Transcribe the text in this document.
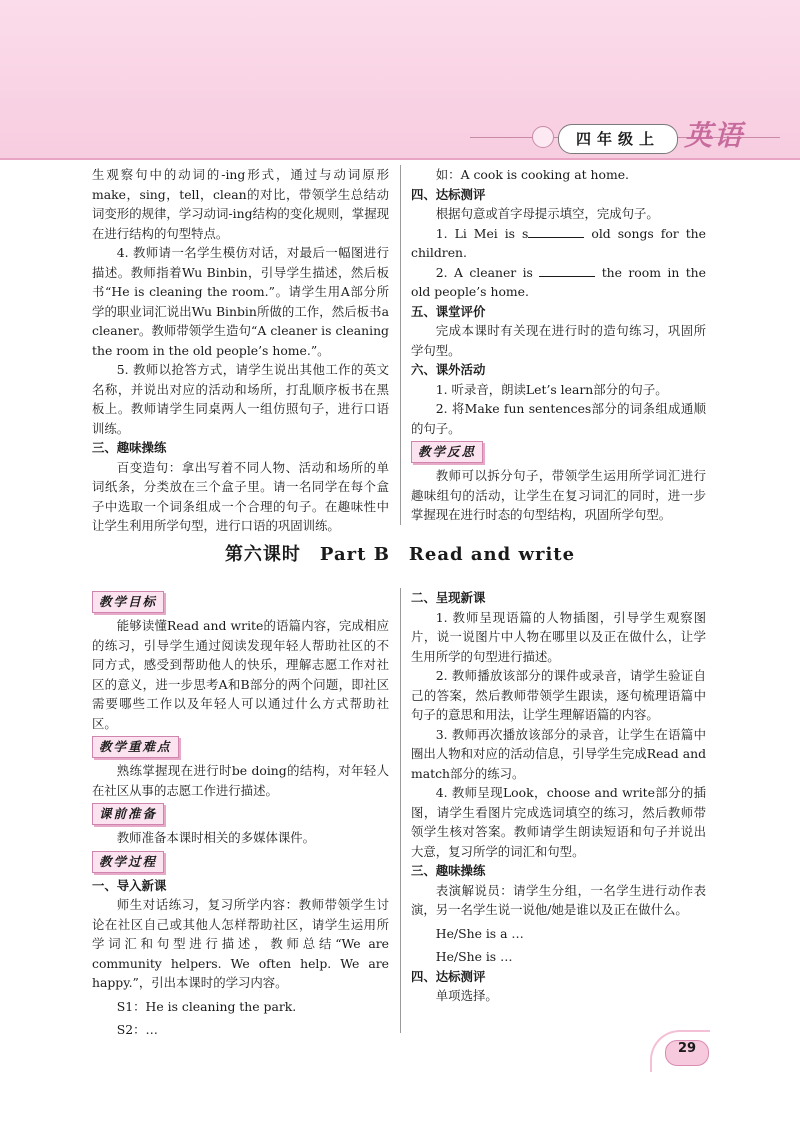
四年级上 英语

生观察句中的动词的-ing形式，通过与动词原形make，sing，tell，clean的对比，带领学生总结动词变形的规律，学习动词-ing结构的变化规则，掌握现在进行结构的句型特点。

4. 教师请一名学生模仿对话，对最后一幅图进行描述。教师指着Wu Binbin，引导学生描述，然后板书“He is cleaning the room.”。请学生用A部分所学的职业词汇说出Wu Binbin所做的工作，然后板书a cleaner。教师带领学生造句“A cleaner is cleaning the room in the old people’s home.”。

5. 教师以抢答方式，请学生说出其他工作的英文名称，并说出对应的活动和场所，打乱顺序板书在黑板上。教师请学生同桌两人一组仿照句子，进行口语训练。

三、趣味操练

百变造句：拿出写着不同人物、活动和场所的单词纸条，分类放在三个盒子里。请一名同学在每个盒子中选取一个词条组成一个合理的句子。在趣味性中让学生利用所学句型，进行口语的巩固训练。

如：A cook is cooking at home.

四、达标测评

根据句意或首字母提示填空，完成句子。

1. Li Mei is s	old songs for the children.

2. A cleaner is	the room in the old people’s home.

五、课堂评价

完成本课时有关现在进行时的造句练习，巩固所学句型。

六、课外活动

1. 听录音，朗读Let’s learn部分的句子。

2. 将Make fun sentences部分的词条组成通顺的句子。

教学反思

教师可以拆分句子，带领学生运用所学词汇进行趣味组句的活动，让学生在复习词汇的同时，进一步掌握现在进行时态的句型结构，巩固所学句型。

第六课时　Part B　Read and write
教学目标

能够读懂Read and write的语篇内容，完成相应的练习，引导学生通过阅读发现年轻人帮助社区的不同方式，感受到帮助他人的快乐，理解志愿工作对社区的意义，进一步思考A和B部分的两个问题，即社区需要哪些工作以及年轻人可以通过什么方式帮助社区。

教学重难点

熟练掌握现在进行时be doing的结构，对年轻人在社区从事的志愿工作进行描述。

课前准备

教师准备本课时相关的多媒体课件。

教学过程

一、导入新课

师生对话练习，复习所学内容：教师带领学生讨论在社区自己或其他人怎样帮助社区，请学生运用所学词汇和句型进行描述，教师总结“We are community helpers. We often help. We are happy.”，引出本课时的学习内容。

S1：He is cleaning the park.

S2：…

二、呈现新课

1. 教师呈现语篇的人物插图，引导学生观察图片，说一说图片中人物在哪里以及正在做什么，让学生用所学的句型进行描述。

2. 教师播放该部分的课件或录音，请学生验证自己的答案，然后教师带领学生跟读，逐句梳理语篇中句子的意思和用法，让学生理解语篇的内容。

3. 教师再次播放该部分的录音，让学生在语篇中圈出人物和对应的活动信息，引导学生完成Read and match部分的练习。

4. 教师呈现Look，choose and write部分的插图，请学生看图片完成选词填空的练习，然后教师带领学生核对答案。教师请学生朗读短语和句子并说出大意，复习所学的词汇和句型。

三、趣味操练

表演解说员：请学生分组，一名学生进行动作表演，另一名学生说一说他/她是谁以及正在做什么。

He/She is a …

He/She is …

四、达标测评

单项选择。

29
